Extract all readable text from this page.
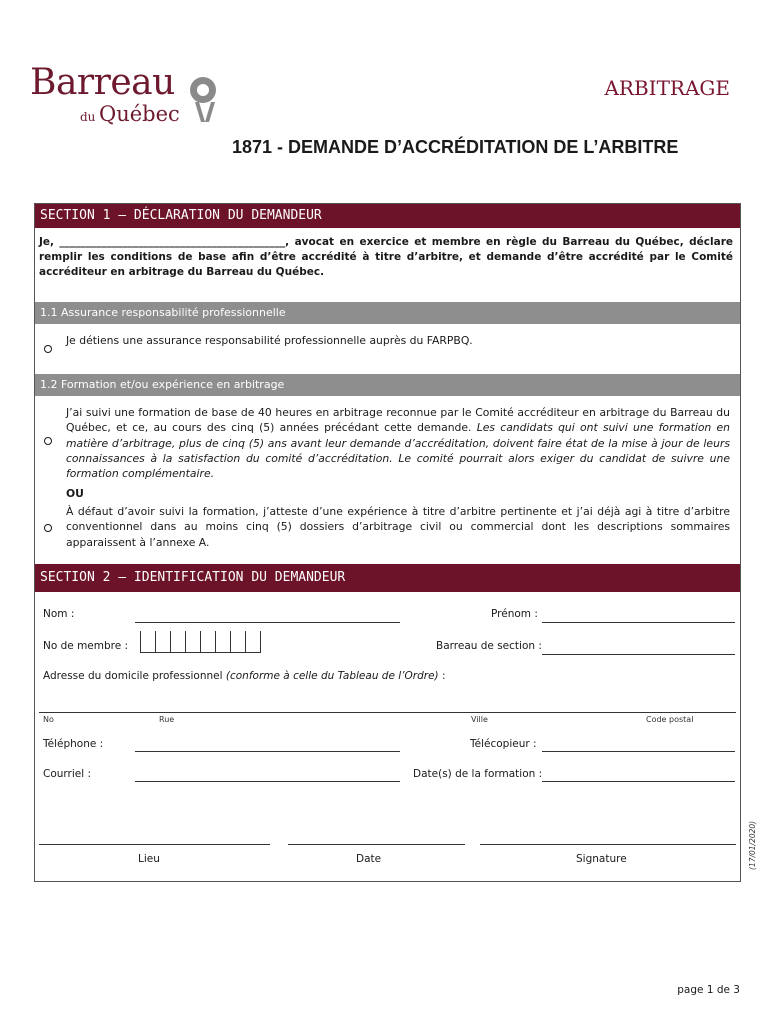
Barreau
du Québec
ARBITRAGE
1871 - DEMANDE D’ACCRÉDITATION DE L’ARBITRE
SECTION 1 – DÉCLARATION DU DEMANDEUR
Je, ___________________________________________, avocat en exercice et membre en règle du Barreau du Québec, déclare remplir les conditions de base afin d’être accrédité à titre d’arbitre, et demande d’être accrédité par le Comité accréditeur en arbitrage du Barreau du Québec.
1.1 Assurance responsabilité professionnelle
Je détiens une assurance responsabilité professionnelle auprès du FARPBQ.
1.2 Formation et/ou expérience en arbitrage
J’ai suivi une formation de base de 40 heures en arbitrage reconnue par le Comité accréditeur en arbitrage du Barreau du Québec, et ce, au cours des cinq (5) années précédant cette demande. Les candidats qui ont suivi une formation en matière d’arbitrage, plus de cinq (5) ans avant leur demande d’accréditation, doivent faire état de la mise à jour de leurs connaissances à la satisfaction du comité d’accréditation. Le comité pourrait alors exiger du candidat de suivre une formation complémentaire.
OU
À défaut d’avoir suivi la formation, j’atteste d’une expérience à titre d’arbitre pertinente et j’ai déjà agi à titre d’arbitre conventionnel dans au moins cinq (5) dossiers d’arbitrage civil ou commercial dont les descriptions sommaires apparaissent à l’annexe A.
SECTION 2 – IDENTIFICATION DU DEMANDEUR
Nom :	Prénom :
No de membre :	Barreau de section :
Adresse du domicile professionnel (conforme à celle du Tableau de l’Ordre) :
No	Rue	Ville	Code postal
Téléphone :	Télécopieur :
Courriel :	Date(s) de la formation :
Lieu	Date	Signature	(17/01/2020)
page 1 de 3
